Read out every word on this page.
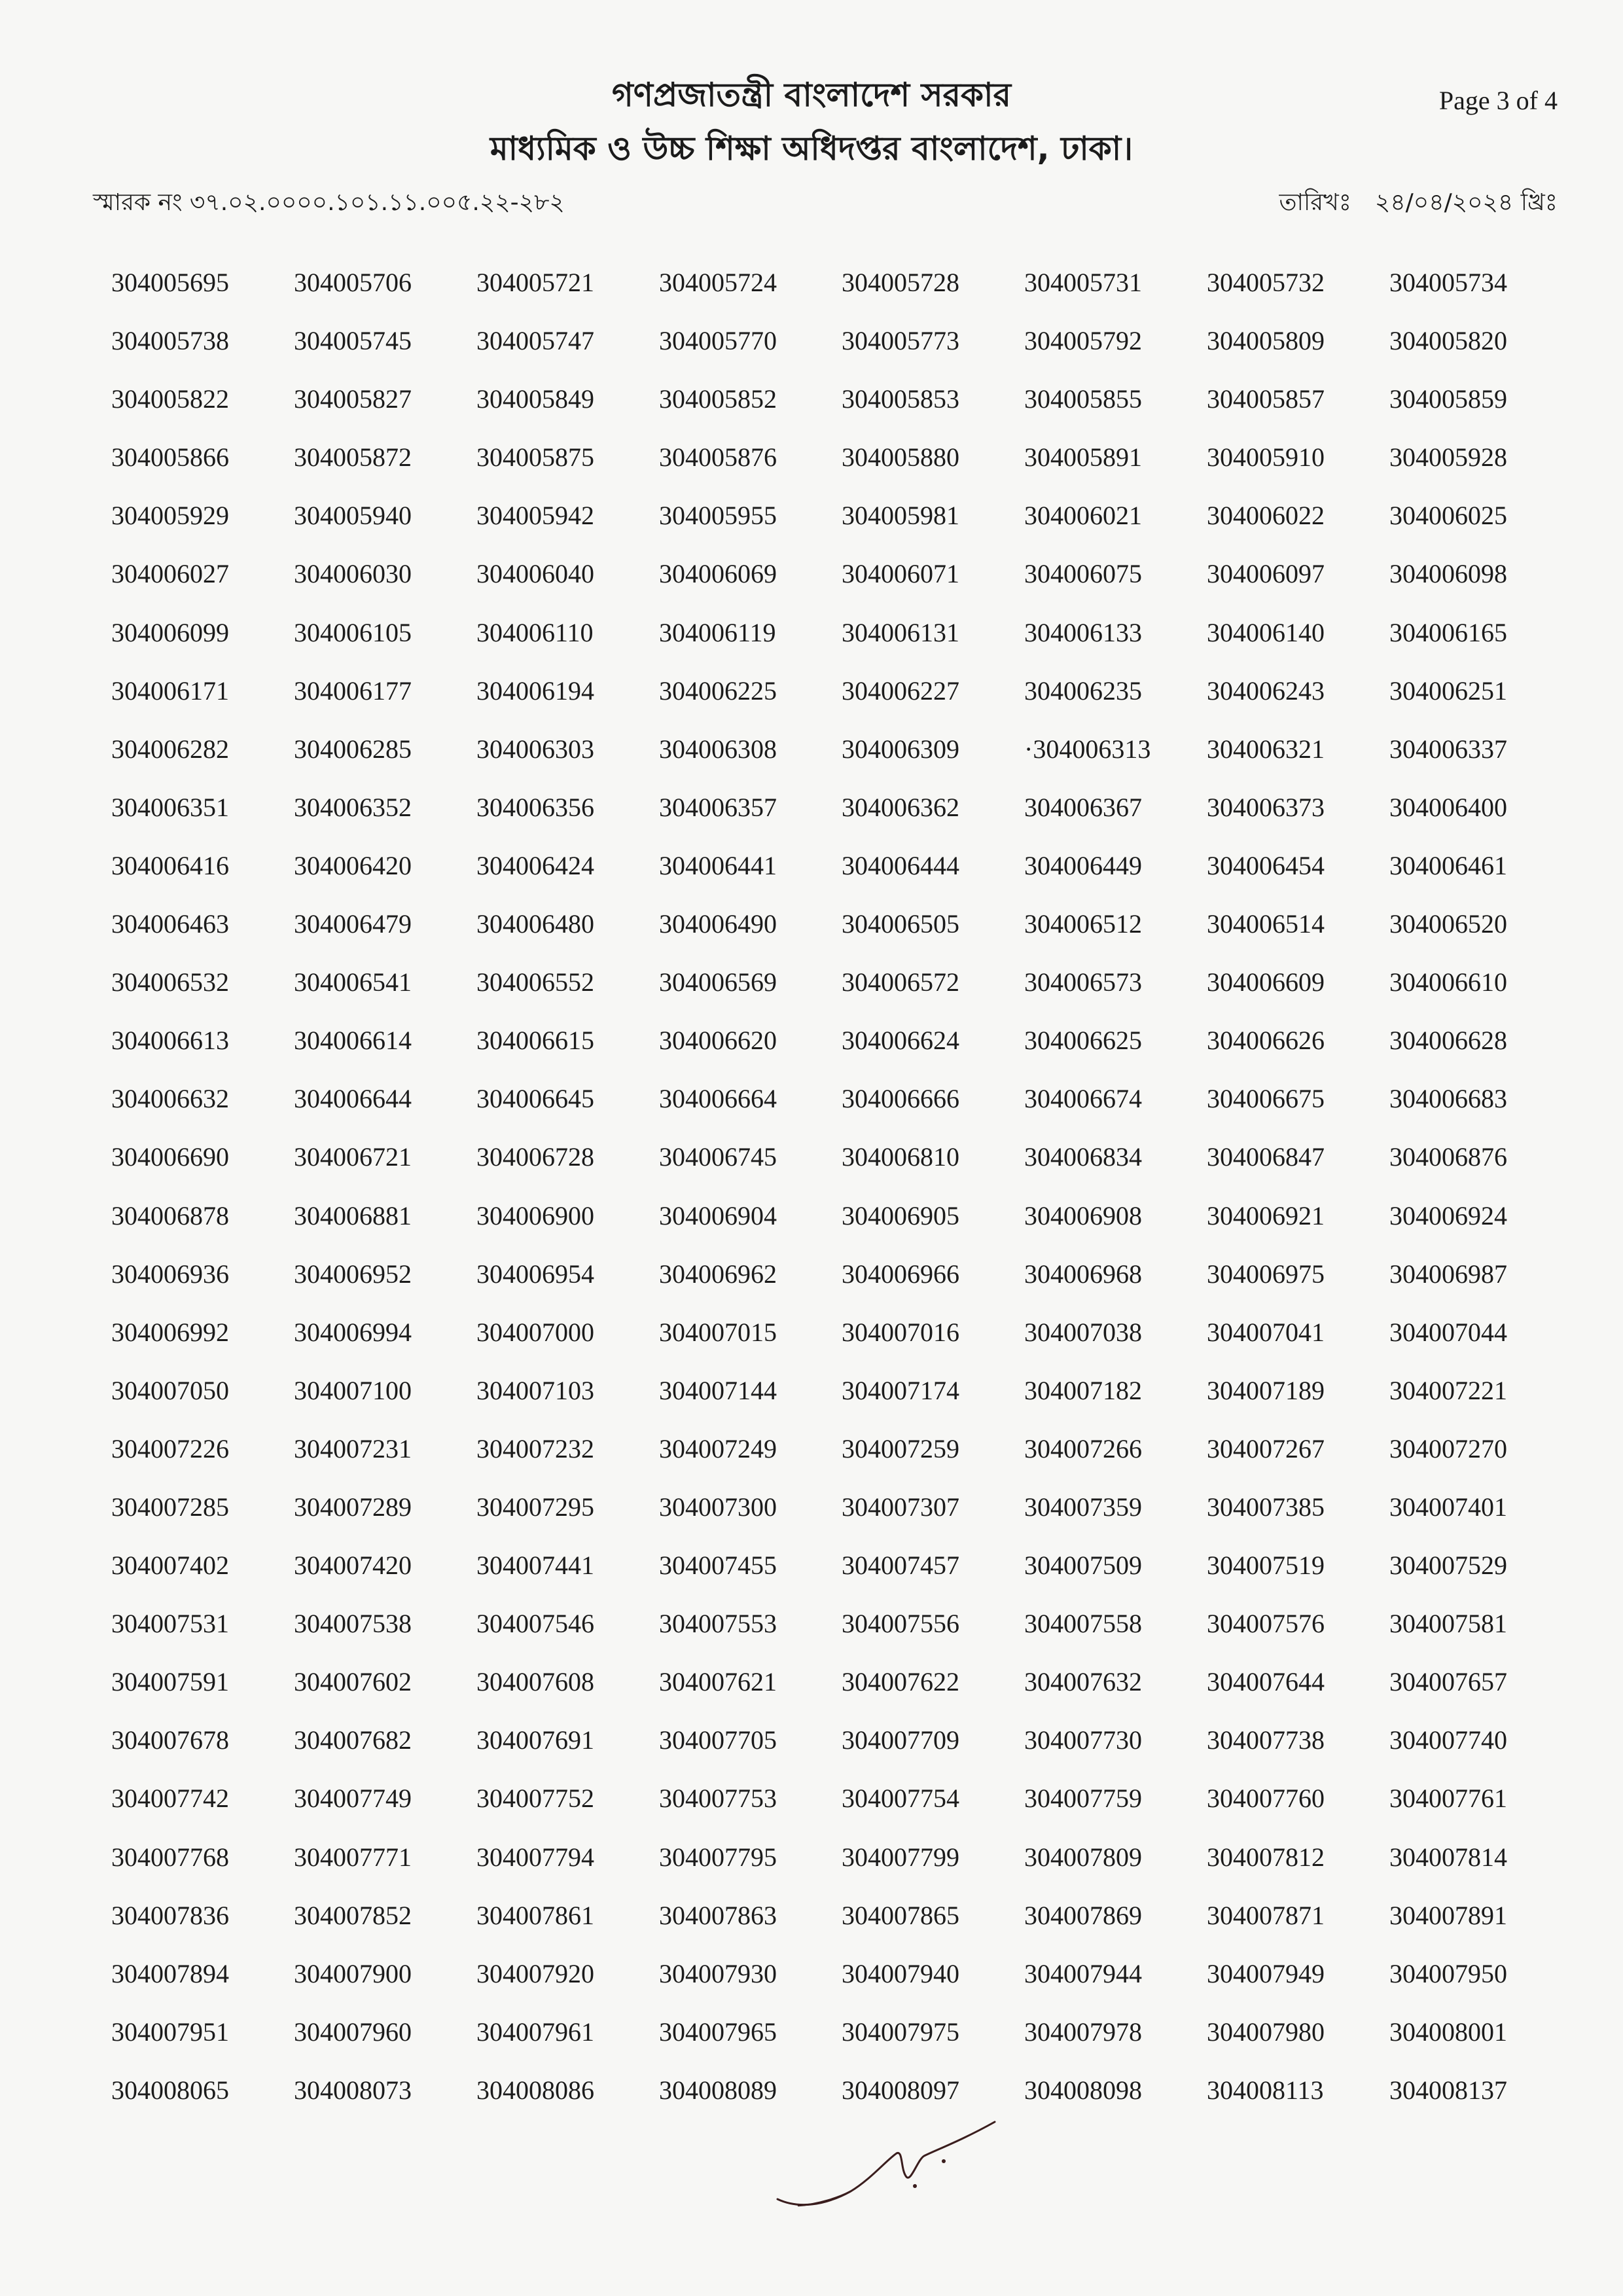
গণপ্রজাতন্ত্রী বাংলাদেশ সরকার
মাধ্যমিক ও উচ্চ শিক্ষা অধিদপ্তর বাংলাদেশ, ঢাকা।
Page 3 of 4
স্মারক নং ৩৭.০২.০০০০.১০১.১১.০০৫.২২-২৮২	তারিখঃ ২৪/০৪/২০২৪ খ্রিঃ
304005695	304005706	304005721	304005724	304005728	304005731	304005732	304005734
304005738	304005745	304005747	304005770	304005773	304005792	304005809	304005820
304005822	304005827	304005849	304005852	304005853	304005855	304005857	304005859
304005866	304005872	304005875	304005876	304005880	304005891	304005910	304005928
304005929	304005940	304005942	304005955	304005981	304006021	304006022	304006025
304006027	304006030	304006040	304006069	304006071	304006075	304006097	304006098
304006099	304006105	304006110	304006119	304006131	304006133	304006140	304006165
304006171	304006177	304006194	304006225	304006227	304006235	304006243	304006251
304006282	304006285	304006303	304006308	304006309	·304006313	304006321	304006337
304006351	304006352	304006356	304006357	304006362	304006367	304006373	304006400
304006416	304006420	304006424	304006441	304006444	304006449	304006454	304006461
304006463	304006479	304006480	304006490	304006505	304006512	304006514	304006520
304006532	304006541	304006552	304006569	304006572	304006573	304006609	304006610
304006613	304006614	304006615	304006620	304006624	304006625	304006626	304006628
304006632	304006644	304006645	304006664	304006666	304006674	304006675	304006683
304006690	304006721	304006728	304006745	304006810	304006834	304006847	304006876
304006878	304006881	304006900	304006904	304006905	304006908	304006921	304006924
304006936	304006952	304006954	304006962	304006966	304006968	304006975	304006987
304006992	304006994	304007000	304007015	304007016	304007038	304007041	304007044
304007050	304007100	304007103	304007144	304007174	304007182	304007189	304007221
304007226	304007231	304007232	304007249	304007259	304007266	304007267	304007270
304007285	304007289	304007295	304007300	304007307	304007359	304007385	304007401
304007402	304007420	304007441	304007455	304007457	304007509	304007519	304007529
304007531	304007538	304007546	304007553	304007556	304007558	304007576	304007581
304007591	304007602	304007608	304007621	304007622	304007632	304007644	304007657
304007678	304007682	304007691	304007705	304007709	304007730	304007738	304007740
304007742	304007749	304007752	304007753	304007754	304007759	304007760	304007761
304007768	304007771	304007794	304007795	304007799	304007809	304007812	304007814
304007836	304007852	304007861	304007863	304007865	304007869	304007871	304007891
304007894	304007900	304007920	304007930	304007940	304007944	304007949	304007950
304007951	304007960	304007961	304007965	304007975	304007978	304007980	304008001
304008065	304008073	304008086	304008089	304008097	304008098	304008113	304008137
